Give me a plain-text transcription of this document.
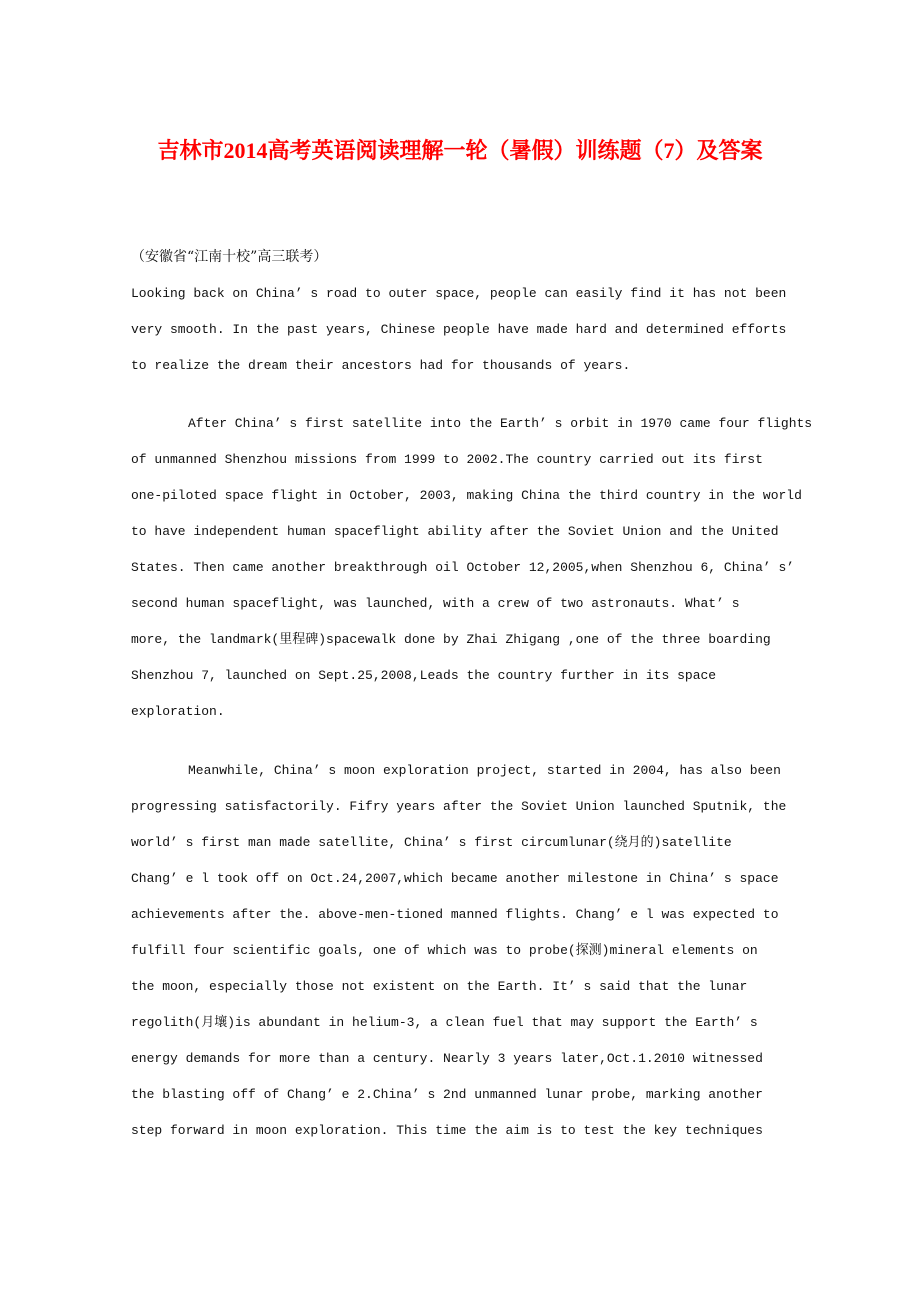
吉林市2014高考英语阅读理解一轮（暑假）训练题（7）及答案
（安徽省“江南十校”高三联考）
Looking back on China’ s road to outer space, people can easily find it has not been
very smooth. In the past years, Chinese people have made hard and determined efforts
to realize the dream their ancestors had for thousands of years.
After China’ s first satellite into the Earth’ s orbit in 1970 came four flights
of unmanned Shenzhou missions from 1999 to 2002.The country carried out its first
one-piloted space flight in October, 2003, making China the third country in the world
to have independent human spaceflight ability after the Soviet Union and the United
States. Then came another breakthrough oil October 12,2005,when Shenzhou 6, China’ s’
second human spaceflight, was launched, with a crew of two astronauts. What’ s
more, the landmark(里程碑)spacewalk done by Zhai Zhigang ,one of the three boarding
Shenzhou 7, launched on Sept.25,2008,Leads the country further in its space
exploration.
Meanwhile, China’ s moon exploration project, started in 2004, has also been
progressing satisfactorily. Fifry years after the Soviet Union launched Sputnik, the
world’ s first man made satellite, China’ s first circumlunar(绕月的)satellite
Chang’ e l took off on Oct.24,2007,which became another milestone in China’ s space
achievements after the. above-men-tioned manned flights. Chang’ e l was expected to
fulfill four scientific goals, one of which was to probe(探测)mineral elements on
the moon, especially those not existent on the Earth. It’ s said that the lunar
regolith(月壤)is abundant in helium-3, a clean fuel that may support the Earth’ s
energy demands for more than a century. Nearly 3 years later,Oct.1.2010 witnessed
the blasting off of Chang’ e 2.China’ s 2nd unmanned lunar probe, marking another
step forward in moon exploration. This time the aim is to test the key techniques
